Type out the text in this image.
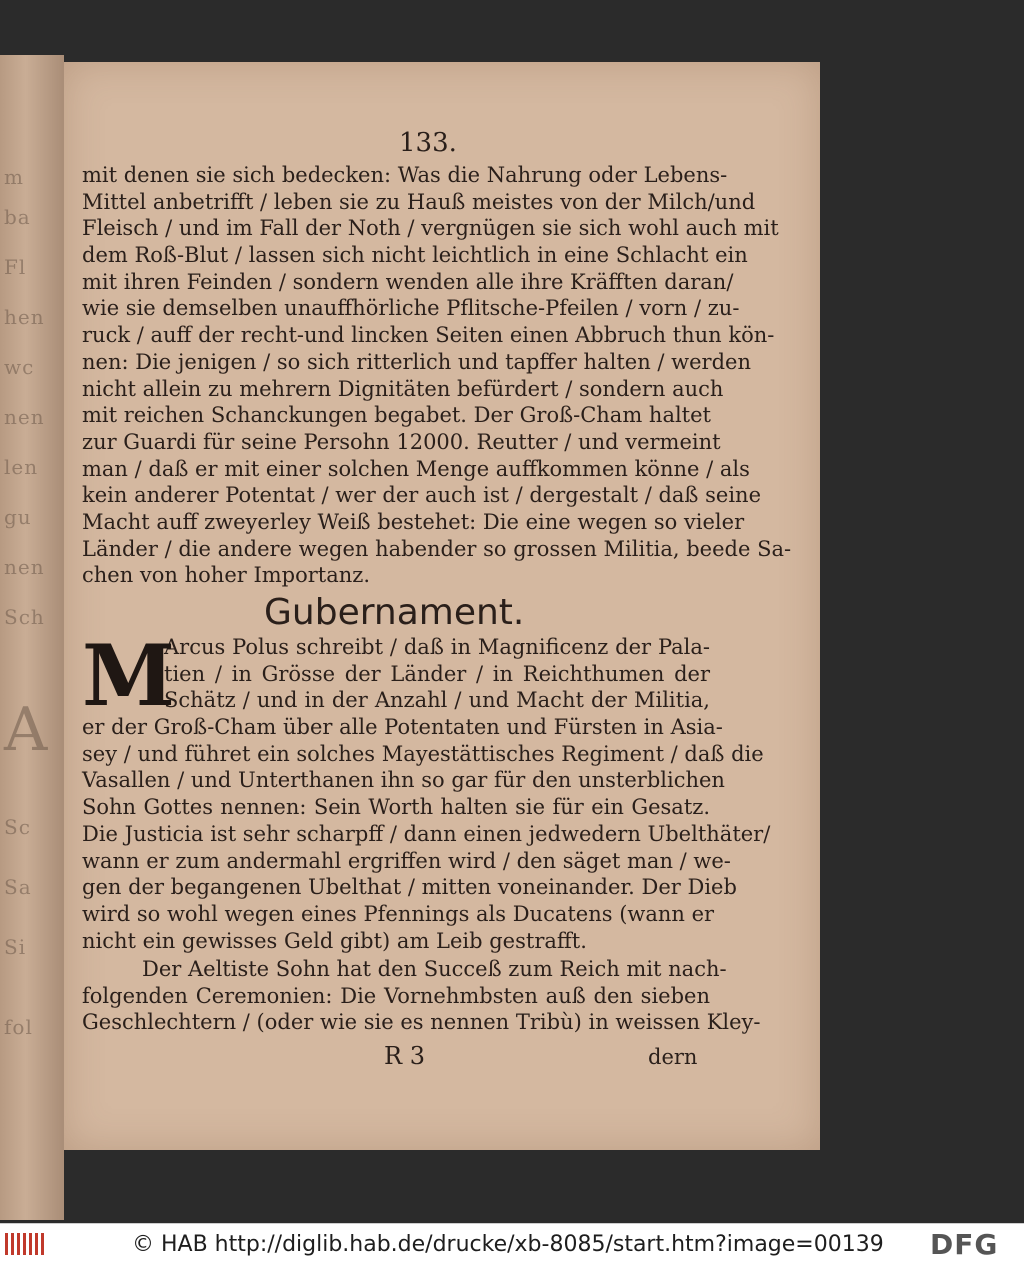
m
ba
Fl
hen
wc
nen
len
gu
nen
Sch
A
Sc
Sa
Si
fol
133.
mit denen sie sich bedecken: Was die Nahrung oder Lebens-
Mittel anbetrifft / leben sie zu Hauß meistes von der Milch/und
Fleisch / und im Fall der Noth / vergnügen sie sich wohl auch mit
dem Roß-Blut / lassen sich nicht leichtlich in eine Schlacht ein
mit ihren Feinden / sondern wenden alle ihre Kräfften daran/
wie sie demselben unauffhörliche Pflitsche-Pfeilen / vorn / zu-
ruck / auff der recht-und lincken Seiten einen Abbruch thun kön-
nen: Die jenigen / so sich ritterlich und tapffer halten / werden
nicht allein zu mehrern Dignitäten befürdert / sondern auch
mit reichen Schanckungen begabet. Der Groß-Cham haltet
zur Guardi für seine Persohn 12000. Reutter / und vermeint
man / daß er mit einer solchen Menge auffkommen könne / als
kein anderer Potentat / wer der auch ist / dergestalt / daß seine
Macht auff zweyerley Weiß bestehet: Die eine wegen so vieler
Länder / die andere wegen habender so grossen Militia, beede Sa-
chen von hoher Importanz.
Gubernament.
M
Arcus Polus schreibt / daß in Magnificenz der Pala-
tien / in Grösse der Länder / in Reichthumen der
Schätz / und in der Anzahl / und Macht der Militia,
er der Groß-Cham über alle Potentaten und Fürsten in Asia-
sey / und führet ein solches Mayestättisches Regiment / daß die
Vasallen / und Unterthanen ihn so gar für den unsterblichen
Sohn Gottes nennen: Sein Worth halten sie für ein Gesatz.
Die Justicia ist sehr scharpff / dann einen jedwedern Ubelthäter/
wann er zum andermahl ergriffen wird / den säget man / we-
gen der begangenen Ubelthat / mitten voneinander. Der Dieb
wird so wohl wegen eines Pfennings als Ducatens (wann er
nicht ein gewisses Geld gibt) am Leib gestrafft.
Der Aeltiste Sohn hat den Succeß zum Reich mit nach-
folgenden Ceremonien: Die Vornehmbsten auß den sieben
Geschlechtern / (oder wie sie es nennen Tribù) in weissen Kley-
R 3	dern
© HAB http://diglib.hab.de/drucke/xb-8085/start.htm?image=00139 DFG
